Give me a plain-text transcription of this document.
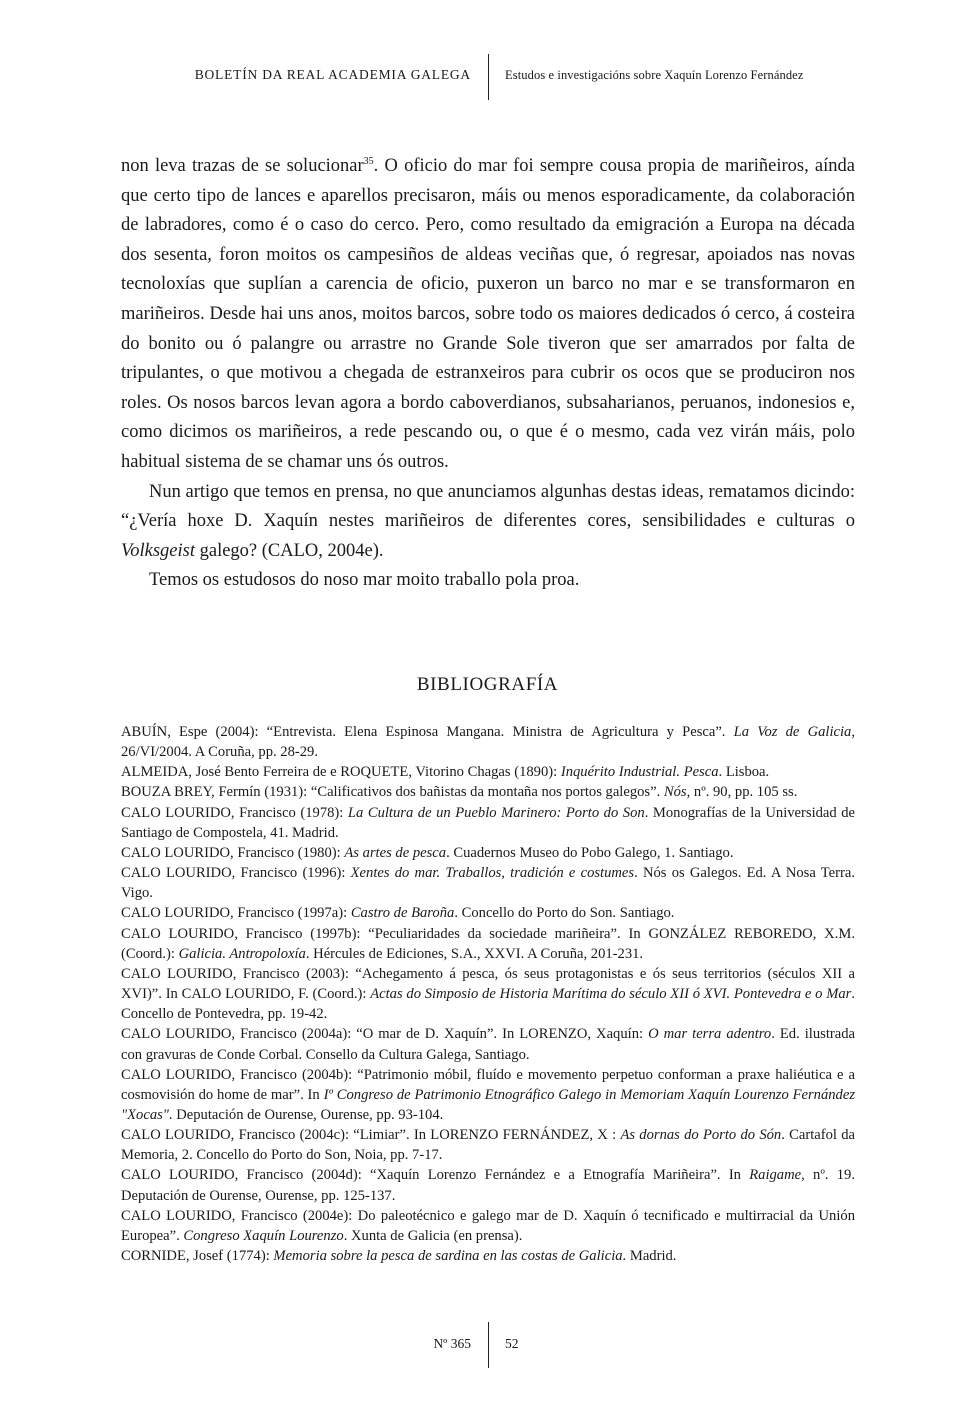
BOLETÍN DA REAL ACADEMIA GALEGA	Estudos e investigacións sobre Xaquín Lorenzo Fernández

non leva trazas de se solucionar$^{35}$. O oficio do mar foi sempre cousa propia de mariñeiros, aínda que certo tipo de lances e aparellos precisaron, máis ou menos esporadicamente, da colaboración de labradores, como é o caso do cerco. Pero, como resultado da emigración a Europa na década dos sesenta, foron moitos os campesiños de aldeas veciñas que, ó regresar, apoiados nas novas tecnoloxías que suplían a carencia de oficio, puxeron un barco no mar e se transformaron en mariñeiros. Desde hai uns anos, moitos barcos, sobre todo os maiores dedicados ó cerco, á costeira do bonito ou ó palangre ou arrastre no Grande Sole tiveron que ser amarrados por falta de tripulantes, o que motivou a chegada de estranxeiros para cubrir os ocos que se produciron nos roles. Os nosos barcos levan agora a bordo caboverdianos, subsaharianos, peruanos, indonesios e, como dicimos os mariñeiros, a rede pescando ou, o que é o mesmo, cada vez virán máis, polo habitual sistema de se chamar uns ós outros.

Nun artigo que temos en prensa, no que anunciamos algunhas destas ideas, rematamos dicindo: “¿Vería hoxe D. Xaquín nestes mariñeiros de diferentes cores, sensibilidades e culturas o Volksgeist galego? (CALO, 2004e).

Temos os estudosos do noso mar moito traballo pola proa.

BIBLIOGRAFÍA

ABUÍN, Espe (2004): “Entrevista. Elena Espinosa Mangana. Ministra de Agricultura y Pesca”. La Voz de Galicia, 26/VI/2004. A Coruña, pp. 28-29.

ALMEIDA, José Bento Ferreira de e ROQUETE, Vitorino Chagas (1890): Inquérito Industrial. Pesca. Lisboa.

BOUZA BREY, Fermín (1931): “Calificativos dos bañistas da montaña nos portos galegos”. Nós, nº. 90, pp. 105 ss.

CALO LOURIDO, Francisco (1978): La Cultura de un Pueblo Marinero: Porto do Son. Monografías de la Universidad de Santiago de Compostela, 41. Madrid.

CALO LOURIDO, Francisco (1980): As artes de pesca. Cuadernos Museo do Pobo Galego, 1. Santiago.

CALO LOURIDO, Francisco (1996): Xentes do mar. Traballos, tradición e costumes. Nós os Galegos. Ed. A Nosa Terra. Vigo.

CALO LOURIDO, Francisco (1997a): Castro de Baroña. Concello do Porto do Son. Santiago.

CALO LOURIDO, Francisco (1997b): “Peculiaridades da sociedade mariñeira”. In GONZÁLEZ REBOREDO, X.M. (Coord.): Galicia. Antropoloxía. Hércules de Ediciones, S.A., XXVI. A Coruña, 201-231.

CALO LOURIDO, Francisco (2003): “Achegamento á pesca, ós seus protagonistas e ós seus territorios (séculos XII a XVI)”. In CALO LOURIDO, F. (Coord.): Actas do Simposio de Historia Marítima do século XII ó XVI. Pontevedra e o Mar. Concello de Pontevedra, pp. 19-42.

CALO LOURIDO, Francisco (2004a): “O mar de D. Xaquín”. In LORENZO, Xaquín: O mar terra adentro. Ed. ilustrada con gravuras de Conde Corbal. Consello da Cultura Galega, Santiago.

CALO LOURIDO, Francisco (2004b): “Patrimonio móbil, fluído e movemento perpetuo conforman a praxe haliéutica e a cosmovisión do home de mar”. In Iº Congreso de Patrimonio Etnográfico Galego in Memoriam Xaquín Lourenzo Fernández "Xocas". Deputación de Ourense, Ourense, pp. 93-104.

CALO LOURIDO, Francisco (2004c): “Limiar”. In LORENZO FERNÁNDEZ, X : As dornas do Porto do Són. Cartafol da Memoria, 2. Concello do Porto do Son, Noia, pp. 7-17.

CALO LOURIDO, Francisco (2004d): “Xaquín Lorenzo Fernández e a Etnografía Mariñeira”. In Raigame, nº. 19. Deputación de Ourense, Ourense, pp. 125-137.

CALO LOURIDO, Francisco (2004e): Do paleotécnico e galego mar de D. Xaquín ó tecnificado e multirracial da Unión Europea”. Congreso Xaquín Lourenzo. Xunta de Galicia (en prensa).

CORNIDE, Josef (1774): Memoria sobre la pesca de sardina en las costas de Galicia. Madrid.

Nº 365	52
